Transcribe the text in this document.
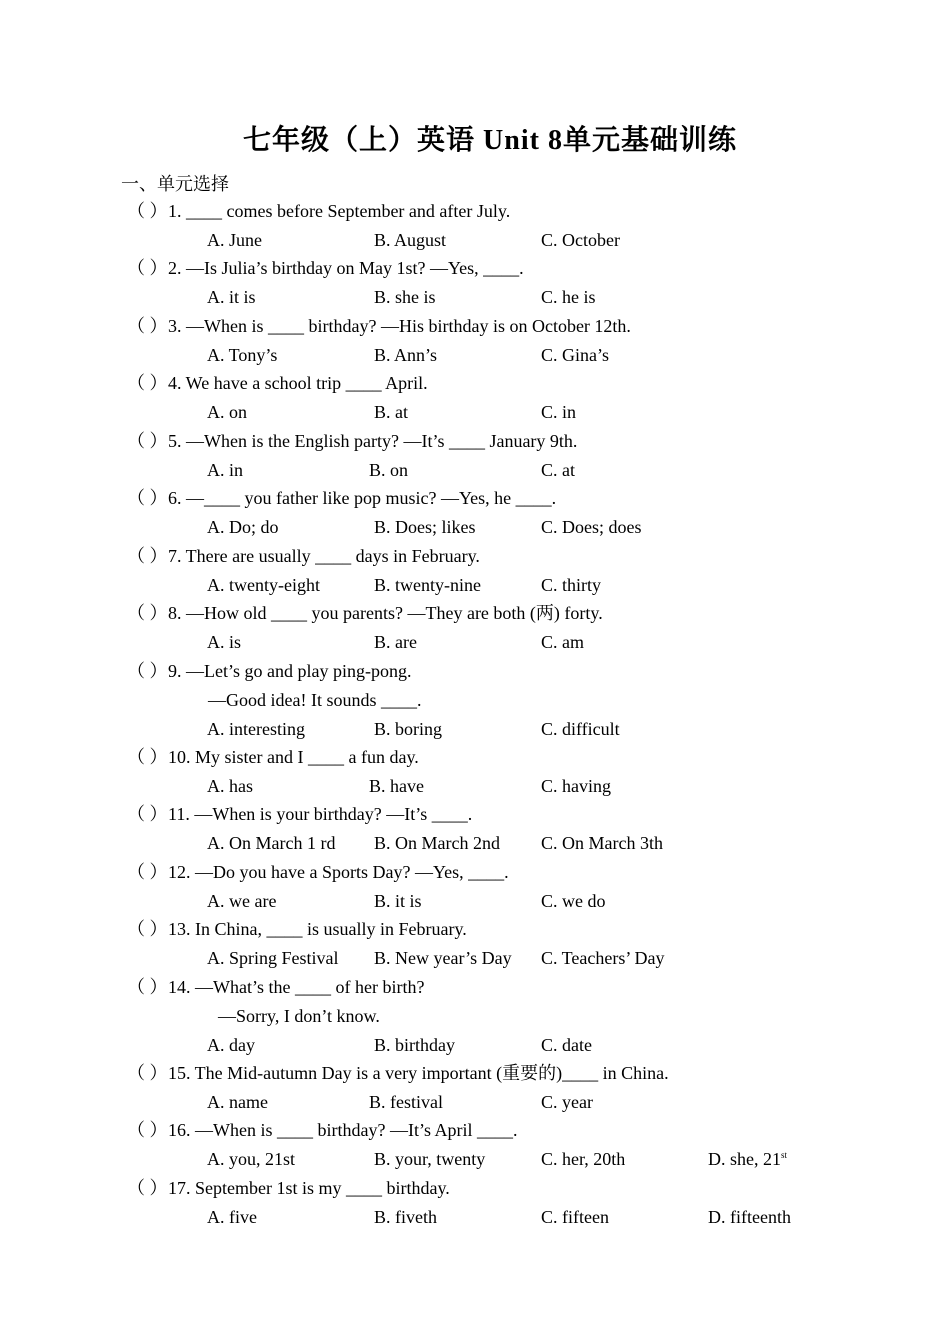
七年级（上）英语 Unit 8单元基础训练
一、单元选择
（ ） 1. ____ comes before September and after July.
A. June	B. August	C. October
（ ） 2. —Is Julia’s birthday on May 1st? —Yes, ____.
A. it is	B. she is	C. he is
（ ） 3. —When is ____ birthday? —His birthday is on October 12th.
A. Tony’s	B. Ann’s	C. Gina’s
（ ） 4. We have a school trip ____ April.
A. on	B. at	C. in
（ ） 5. —When is the English party? —It’s ____ January 9th.
A. in	B. on	C. at
（ ） 6. —____ you father like pop music? —Yes, he ____.
A. Do; do	B. Does; likes	C. Does; does
（ ） 7. There are usually ____ days in February.
A. twenty-eight	B. twenty-nine	C. thirty
（ ） 8. —How old ____ you parents? —They are both (两) forty.
A. is	B. are	C. am
（ ） 9. —Let’s go and play ping-pong.
—Good idea! It sounds ____.
A. interesting	B. boring	C. difficult
（ ） 10. My sister and I ____ a fun day.
A. has	B. have	C. having
（ ） 11. —When is your birthday? —It’s ____.
A. On March 1 rd B. On March 2nd C. On March 3th
（ ） 12. —Do you have a Sports Day? —Yes, ____.
A. we are	B. it is	C. we do
（ ） 13. In China, ____ is usually in February.
A. Spring Festival B. New year’s Day C. Teachers’ Day
（ ） 14. —What’s the ____ of her birth?
—Sorry, I don’t know.
A. day	B. birthday	C. date
（ ） 15. The Mid-autumn Day is a very important (重要的)____ in China.
A. name	B. festival	C. year
（ ） 16. —When is ____ birthday? —It’s April ____.
A. you, 21st	B. your, twenty	C. her, 20th	D. she, 21st
（ ） 17. September 1st is my ____ birthday.
A. five	B. fiveth	C. fifteen	D. fifteenth
